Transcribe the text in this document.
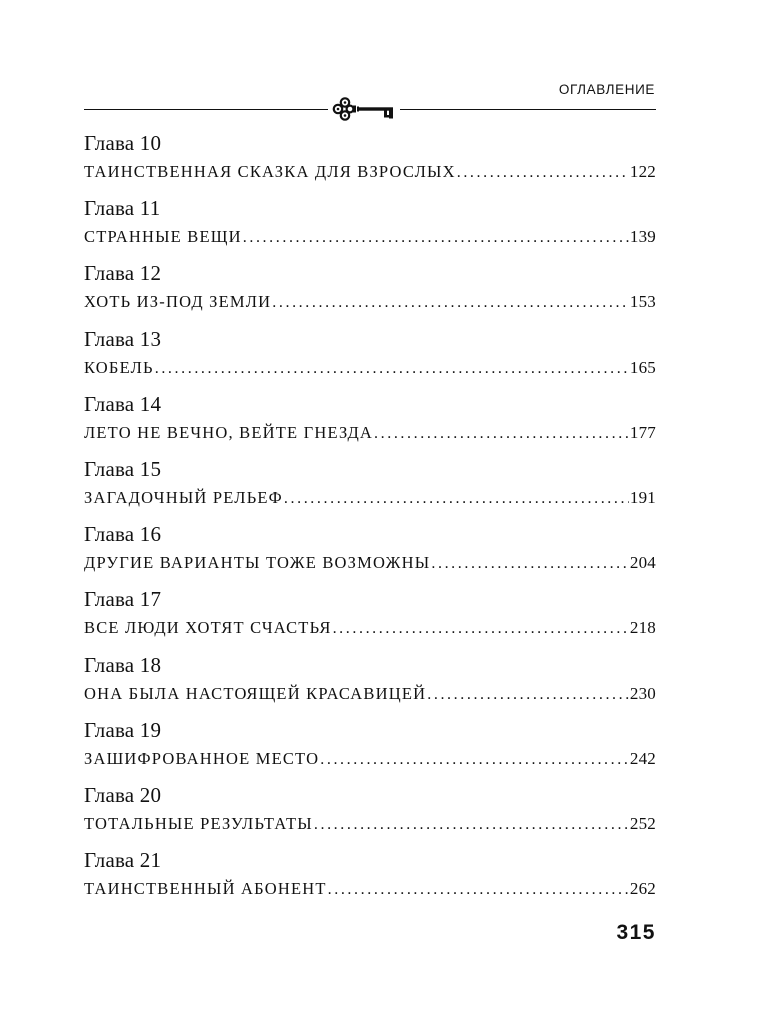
ОГЛАВЛЕНИЕ
Глава 10
ТАИНСТВЕННАЯ СКАЗКА ДЛЯ ВЗРОСЛЫХ .....	122
Глава 11
СТРАННЫЕ ВЕЩИ .....	139
Глава 12
ХОТЬ ИЗ-ПОД ЗЕМЛИ .....	153
Глава 13
КОБЕЛЬ .....	165
Глава 14
ЛЕТО НЕ ВЕЧНО, ВЕЙТЕ ГНЕЗДА .....	177
Глава 15
ЗАГАДОЧНЫЙ РЕЛЬЕФ .....	191
Глава 16
ДРУГИЕ ВАРИАНТЫ ТОЖЕ ВОЗМОЖНЫ .....	204
Глава 17
ВСЕ ЛЮДИ ХОТЯТ СЧАСТЬЯ .....	218
Глава 18
ОНА БЫЛА НАСТОЯЩЕЙ КРАСАВИЦЕЙ .....	230
Глава 19
ЗАШИФРОВАННОЕ МЕСТО .....	242
Глава 20
ТОТАЛЬНЫЕ РЕЗУЛЬТАТЫ .....	252
Глава 21
ТАИНСТВЕННЫЙ АБОНЕНТ .....	262
315
